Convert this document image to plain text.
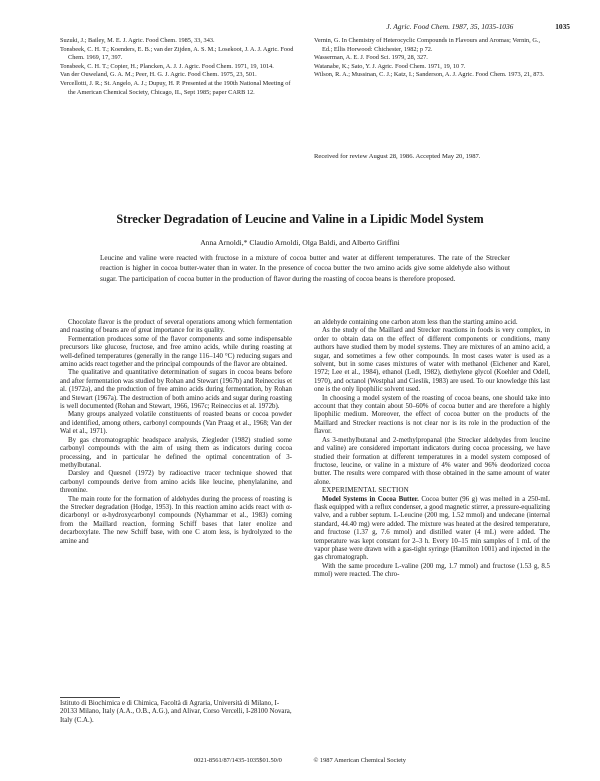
J. Agric. Food Chem. 1987, 35, 1035-1036	1035

Suzuki, J.; Bailey, M. E. J. Agric. Food Chem. 1985, 33, 343.

Tonsbeek, C. H. T.; Koenders, E. B.; van der Zijden, A. S. M.; Losekoot, J. A. J. Agric. Food Chem. 1969, 17, 397.

Tonsbeek, C. H. T.; Copier, H.; Plancken, A. J. J. Agric. Food Chem. 1971, 19, 1014.

Van der Ouweland, G. A. M.; Peer, H. G. J. Agric. Food Chem. 1975, 23, 501.

Vercellotti, J. R.; St. Angelo, A. J.; Dupuy, H. P. Presented at the 190th National Meeting of the American Chemical Society, Chicago, IL, Sept 1985; paper CARB 12.

Vernin, G. In Chemistry of Heterocyclic Compounds in Flavours and Aromas; Vernin, G., Ed.; Ellis Horwood: Chichester, 1982; p 72.

Wasserman, A. E. J. Food Sci. 1979, 28, 327.

Watanabe, K.; Sato, Y. J. Agric. Food Chem. 1971, 19, 10 7.

Wilson, R. A.; Mussinan, C. J.; Katz, I.; Sanderson, A. J. Agric. Food Chem. 1973, 21, 873.

Received for review August 28, 1986. Accepted May 20, 1987.
Strecker Degradation of Leucine and Valine in a Lipidic Model System
Anna Arnoldi,* Claudio Arnoldi, Olga Baldi, and Alberto Griffini
Leucine and valine were reacted with fructose in a mixture of cocoa butter and water at different temperatures. The rate of the Strecker reaction is higher in cocoa butter-water than in water. In the presence of cocoa butter the two amino acids give some aldehyde also without sugar. The participation of cocoa butter in the production of flavor during the roasting of cocoa beans is therefore proposed.

Chocolate flavor is the product of several operations among which fermentation and roasting of beans are of great importance for its quality.

Fermentation produces some of the flavor components and some indispensable precursors like glucose, fructose, and free amino acids, while during roasting at well-defined temperatures (generally in the range 116–140 °C) reducing sugars and amino acids react together and the principal compounds of the flavor are obtained.

The qualitative and quantitative determination of sugars in cocoa beans before and after fermentation was studied by Rohan and Stewart (1967b) and Reineccius et al. (1972a), and the production of free amino acids during fermentation, by Rohan and Stewart (1967a). The destruction of both amino acids and sugar during roasting is well documented (Rohan and Stewart, 1966, 1967c; Reineccius et al. 1972b).

Many groups analyzed volatile constituents of roasted beans or cocoa powder and identified, among others, carbonyl compounds (Van Praag et al., 1968; Van der Wal et al., 1971).

By gas chromatographic headspace analysis, Ziegleder (1982) studied some carbonyl compounds with the aim of using them as indicators during cocoa processing, and in particular he defined the optimal concentration of 3-methylbutanal.

Darsley and Quesnel (1972) by radioactive tracer technique showed that carbonyl compounds derive from amino acids like leucine, phenylalanine, and threonine.

The main route for the formation of aldehydes during the process of roasting is the Strecker degradation (Hodge, 1953). In this reaction amino acids react with α-dicarbonyl or α-hydroxycarbonyl compounds (Nyhammar et al., 1983) coming from the Maillard reaction, forming Schiff bases that later enolize and decarboxylate. The new Schiff base, with one C atom less, is hydrolyzed to the amine and

Istituto di Biochimica e di Chimica, Facoltà di Agraria, Università di Milano, I-20133 Milano, Italy (A.A., O.B., A.G.), and Alivar, Corso Vercelli, I-28100 Novara, Italy (C.A.).

an aldehyde containing one carbon atom less than the starting amino acid.

As the study of the Maillard and Strecker reactions in foods is very complex, in order to obtain data on the effect of different components or conditions, many authors have studied them by model systems. They are mixtures of an amino acid, a sugar, and sometimes a few other compounds. In most cases water is used as a solvent, but in some cases mixtures of water with methanol (Eichener and Karel, 1972; Lee et al., 1984), ethanol (Ledl, 1982), diethylene glycol (Koehler and Odell, 1970), and octanol (Westphal and Cieslik, 1983) are used. To our knowledge this last one is the only lipophilic solvent used.

In choosing a model system of the roasting of cocoa beans, one should take into account that they contain about 50–60% of cocoa butter and are therefore a highly lipophilic medium. Moreover, the effect of cocoa butter on the products of the Maillard and Strecker reactions is not clear nor is its role in the production of the flavor.

As 3-methylbutanal and 2-methylpropanal (the Strecker aldehydes from leucine and valine) are considered important indicators during cocoa processing, we have studied their formation at different temperatures in a model system composed of fructose, leucine, or valine in a mixture of 4% water and 96% deodorized cocoa butter. The results were compared with those obtained in the same amount of water alone.

EXPERIMENTAL SECTION

Model Systems in Cocoa Butter. Cocoa butter (96 g) was melted in a 250-mL flask equipped with a reflux condenser, a good magnetic stirrer, a pressure-equalizing valve, and a rubber septum. L-Leucine (200 mg, 1.52 mmol) and undecane (internal standard, 44.40 mg) were added. The mixture was heated at the desired temperature, and fructose (1.37 g, 7.6 mmol) and distilled water (4 mL) were added. The temperature was kept constant for 2–3 h. Every 10–15 min samples of 1 mL of the vapor phase were drawn with a gas-tight syringe (Hamilton 1001) and injected in the gas chromatograph.

With the same procedure L-valine (200 mg, 1.7 mmol) and fructose (1.53 g, 8.5 mmol) were reacted. The chro-

0021-8561/87/1435-1035$01.50/0	© 1987 American Chemical Society
